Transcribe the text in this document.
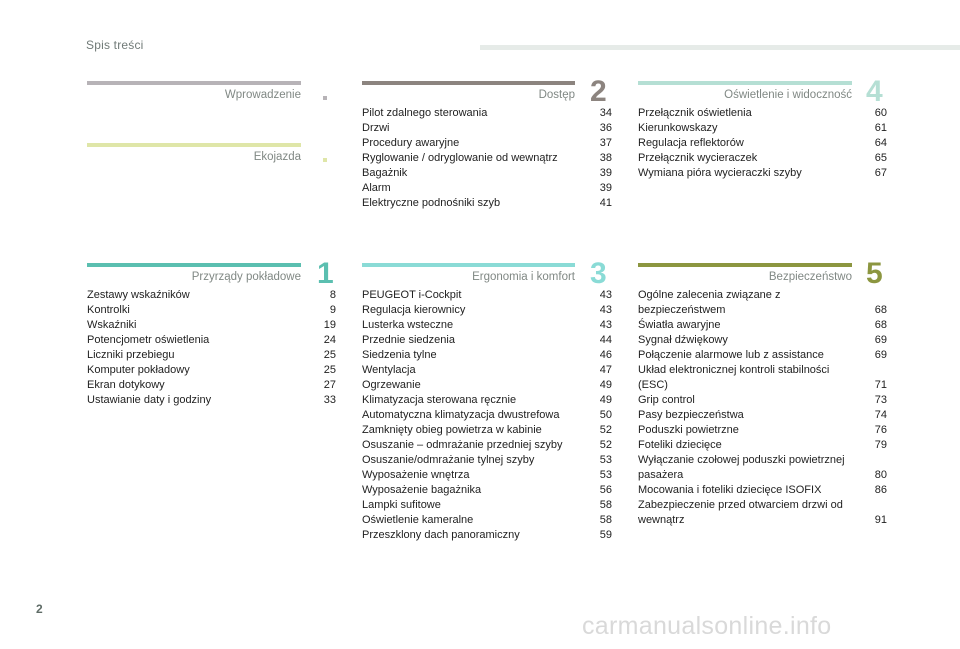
Spis treści
Wprowadzenie
Ekojazda
Przyrządy pokładowe 1
Zestawy wskaźników	8
Kontrolki	9
Wskaźniki	19
Potencjometr oświetlenia	24
Liczniki przebiegu	25
Komputer pokładowy	25
Ekran dotykowy	27
Ustawianie daty i godziny	33
Dostęp 2
Pilot zdalnego sterowania	34
Drzwi	36
Procedury awaryjne	37
Ryglowanie / odryglowanie od wewnątrz	38
Bagażnik	39
Alarm	39
Elektryczne podnośniki szyb	41
Ergonomia i komfort 3
PEUGEOT i-Cockpit	43
Regulacja kierownicy	43
Lusterka wsteczne	43
Przednie siedzenia	44
Siedzenia tylne	46
Wentylacja	47
Ogrzewanie	49
Klimatyzacja sterowana ręcznie	49
Automatyczna klimatyzacja dwustrefowa	50
Zamknięty obieg powietrza w kabinie	52
Osuszanie – odmrażanie przedniej szyby	52
Osuszanie/odmrażanie tylnej szyby	53
Wyposażenie wnętrza	53
Wyposażenie bagażnika	56
Lampki sufitowe	58
Oświetlenie kameralne	58
Przeszklony dach panoramiczny	59
Oświetlenie i widoczność 4
Przełącznik oświetlenia	60
Kierunkowskazy	61
Regulacja reflektorów	64
Przełącznik wycieraczek	65
Wymiana pióra wycieraczki szyby	67
Bezpieczeństwo 5
Ogólne zalecenia związane z bezpieczeństwem	68
Światła awaryjne	68
Sygnał dźwiękowy	69
Połączenie alarmowe lub z assistance	69
Układ elektronicznej kontroli stabilności (ESC)	71
Grip control	73
Pasy bezpieczeństwa	74
Poduszki powietrzne	76
Foteliki dziecięce	79
Wyłączanie czołowej poduszki powietrznej pasażera	80
Mocowania i foteliki dziecięce ISOFIX	86
Zabezpieczenie przed otwarciem drzwi od wewnątrz	91
2
carmanualsonline.info
